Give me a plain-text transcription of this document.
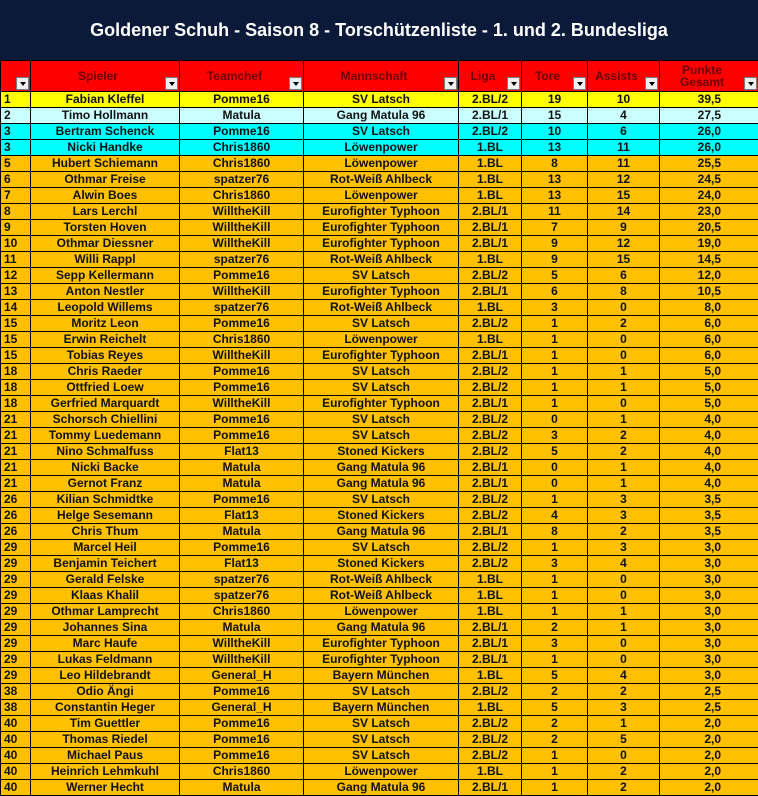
Goldener Schuh - Saison 8 - Torschützenliste - 1. und 2. Bundesliga

	Spieler	Teamchef	Mannschaft	Liga	Tore	Assists	Punkte Gesamt

1	Fabian Kleffel	Pomme16	SV Latsch	2.BL/2	19	10	39,5
2	Timo Hollmann	Matula	Gang Matula 96	2.BL/1	15	4	27,5
3	Bertram Schenck	Pomme16	SV Latsch	2.BL/2	10	6	26,0
3	Nicki Handke	Chris1860	Löwenpower	1.BL	13	11	26,0
5	Hubert Schiemann	Chris1860	Löwenpower	1.BL	8	11	25,5
6	Othmar Freise	spatzer76	Rot-Weiß Ahlbeck	1.BL	13	12	24,5
7	Alwin Boes	Chris1860	Löwenpower	1.BL	13	15	24,0
8	Lars Lerchl	WilltheKill	Eurofighter Typhoon	2.BL/1	11	14	23,0
9	Torsten Hoven	WilltheKill	Eurofighter Typhoon	2.BL/1	7	9	20,5
10	Othmar Diessner	WilltheKill	Eurofighter Typhoon	2.BL/1	9	12	19,0
11	Willi Rappl	spatzer76	Rot-Weiß Ahlbeck	1.BL	9	15	14,5
12	Sepp Kellermann	Pomme16	SV Latsch	2.BL/2	5	6	12,0
13	Anton Nestler	WilltheKill	Eurofighter Typhoon	2.BL/1	6	8	10,5
14	Leopold Willems	spatzer76	Rot-Weiß Ahlbeck	1.BL	3	0	8,0
15	Moritz Leon	Pomme16	SV Latsch	2.BL/2	1	2	6,0
15	Erwin Reichelt	Chris1860	Löwenpower	1.BL	1	0	6,0
15	Tobias Reyes	WilltheKill	Eurofighter Typhoon	2.BL/1	1	0	6,0
18	Chris Raeder	Pomme16	SV Latsch	2.BL/2	1	1	5,0
18	Ottfried Loew	Pomme16	SV Latsch	2.BL/2	1	1	5,0
18	Gerfried Marquardt	WilltheKill	Eurofighter Typhoon	2.BL/1	1	0	5,0
21	Schorsch Chiellini	Pomme16	SV Latsch	2.BL/2	0	1	4,0
21	Tommy Luedemann	Pomme16	SV Latsch	2.BL/2	3	2	4,0
21	Nino Schmalfuss	Flat13	Stoned Kickers	2.BL/2	5	2	4,0
21	Nicki Backe	Matula	Gang Matula 96	2.BL/1	0	1	4,0
21	Gernot Franz	Matula	Gang Matula 96	2.BL/1	0	1	4,0
26	Kilian Schmidtke	Pomme16	SV Latsch	2.BL/2	1	3	3,5
26	Helge Sesemann	Flat13	Stoned Kickers	2.BL/2	4	3	3,5
26	Chris Thum	Matula	Gang Matula 96	2.BL/1	8	2	3,5
29	Marcel Heil	Pomme16	SV Latsch	2.BL/2	1	3	3,0
29	Benjamin Teichert	Flat13	Stoned Kickers	2.BL/2	3	4	3,0
29	Gerald Felske	spatzer76	Rot-Weiß Ahlbeck	1.BL	1	0	3,0
29	Klaas Khalil	spatzer76	Rot-Weiß Ahlbeck	1.BL	1	0	3,0
29	Othmar Lamprecht	Chris1860	Löwenpower	1.BL	1	1	3,0
29	Johannes Sina	Matula	Gang Matula 96	2.BL/1	2	1	3,0
29	Marc Haufe	WilltheKill	Eurofighter Typhoon	2.BL/1	3	0	3,0
29	Lukas Feldmann	WilltheKill	Eurofighter Typhoon	2.BL/1	1	0	3,0
29	Leo Hildebrandt	General_H	Bayern München	1.BL	5	4	3,0
38	Odio Ängi	Pomme16	SV Latsch	2.BL/2	2	2	2,5
38	Constantin Heger	General_H	Bayern München	1.BL	5	3	2,5
40	Tim Guettler	Pomme16	SV Latsch	2.BL/2	2	1	2,0
40	Thomas Riedel	Pomme16	SV Latsch	2.BL/2	2	5	2,0
40	Michael Paus	Pomme16	SV Latsch	2.BL/2	1	0	2,0
40	Heinrich Lehmkuhl	Chris1860	Löwenpower	1.BL	1	2	2,0
40	Werner Hecht	Matula	Gang Matula 96	2.BL/1	1	2	2,0
